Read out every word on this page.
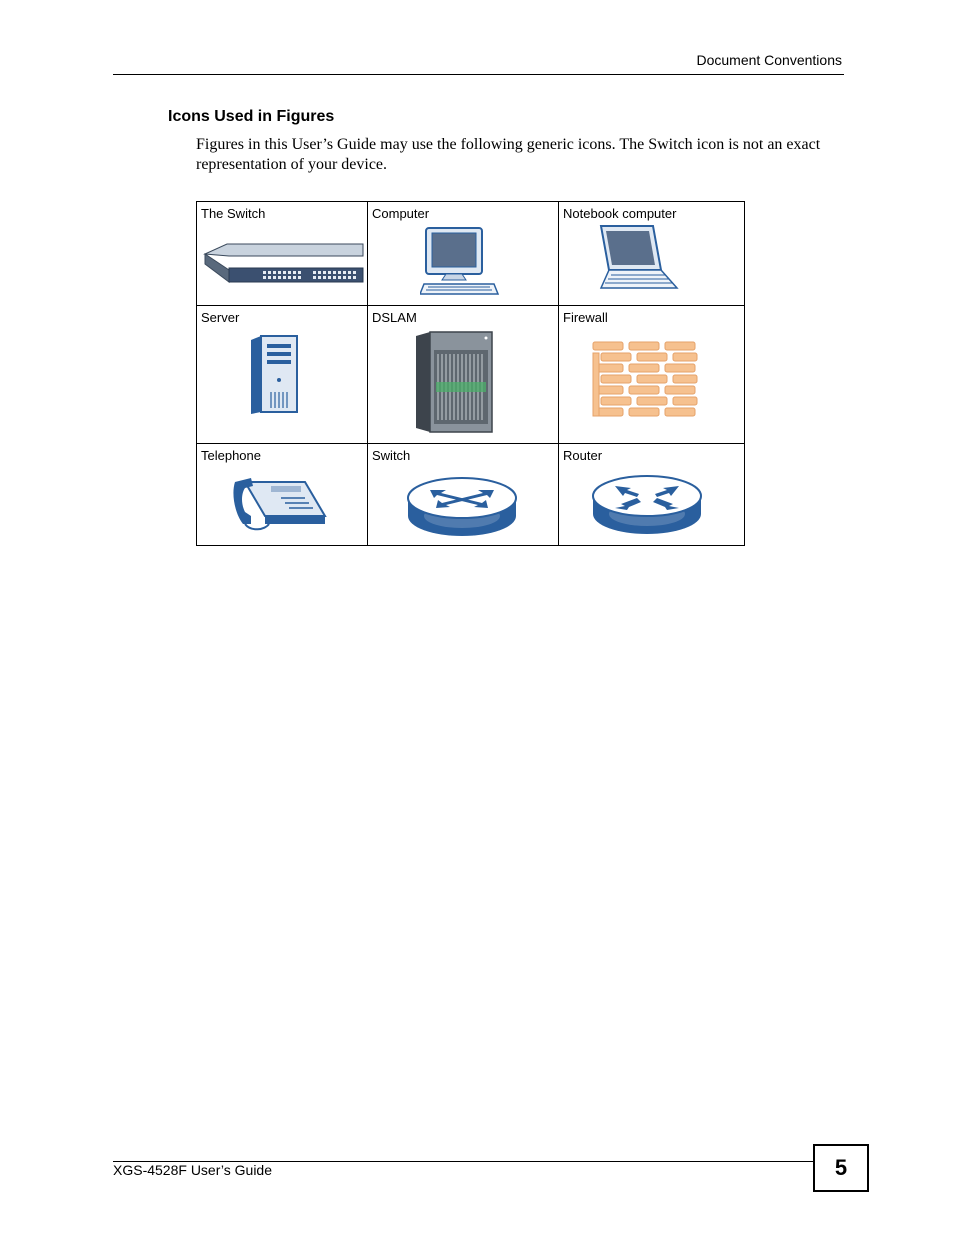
Document Conventions
Icons Used in Figures
Figures in this User’s Guide may use the following generic icons. The Switch icon is not an exact representation of your device.
The Switch	Computer	Notebook computer

Server	DSLAM	Firewall

Telephone	Switch	Router
XGS-4528F User’s Guide	5
